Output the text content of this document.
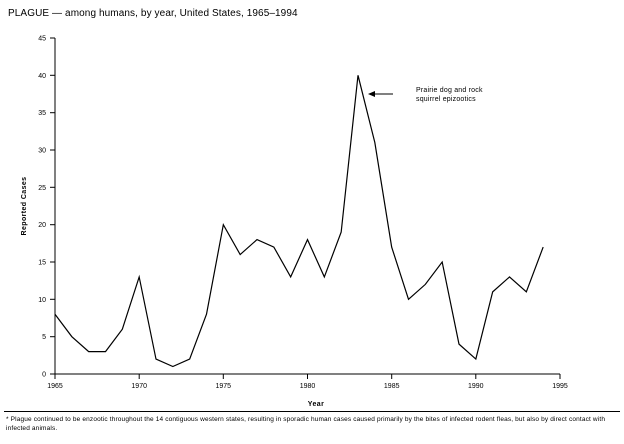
PLAGUE — among humans, by year, United States, 1965–1994
0
5
10
15
20
25
30
35
40
45
1965	1970	1975	1980	1985	1990	1995
Year
Reported Cases
Prairie dog and rock
squirrel epizootics
* Plague continued to be enzootic throughout the 14 contiguous western states, resulting in sporadic human cases caused primarily by the bites of infected rodent fleas, but also by direct contact with infected animals.
